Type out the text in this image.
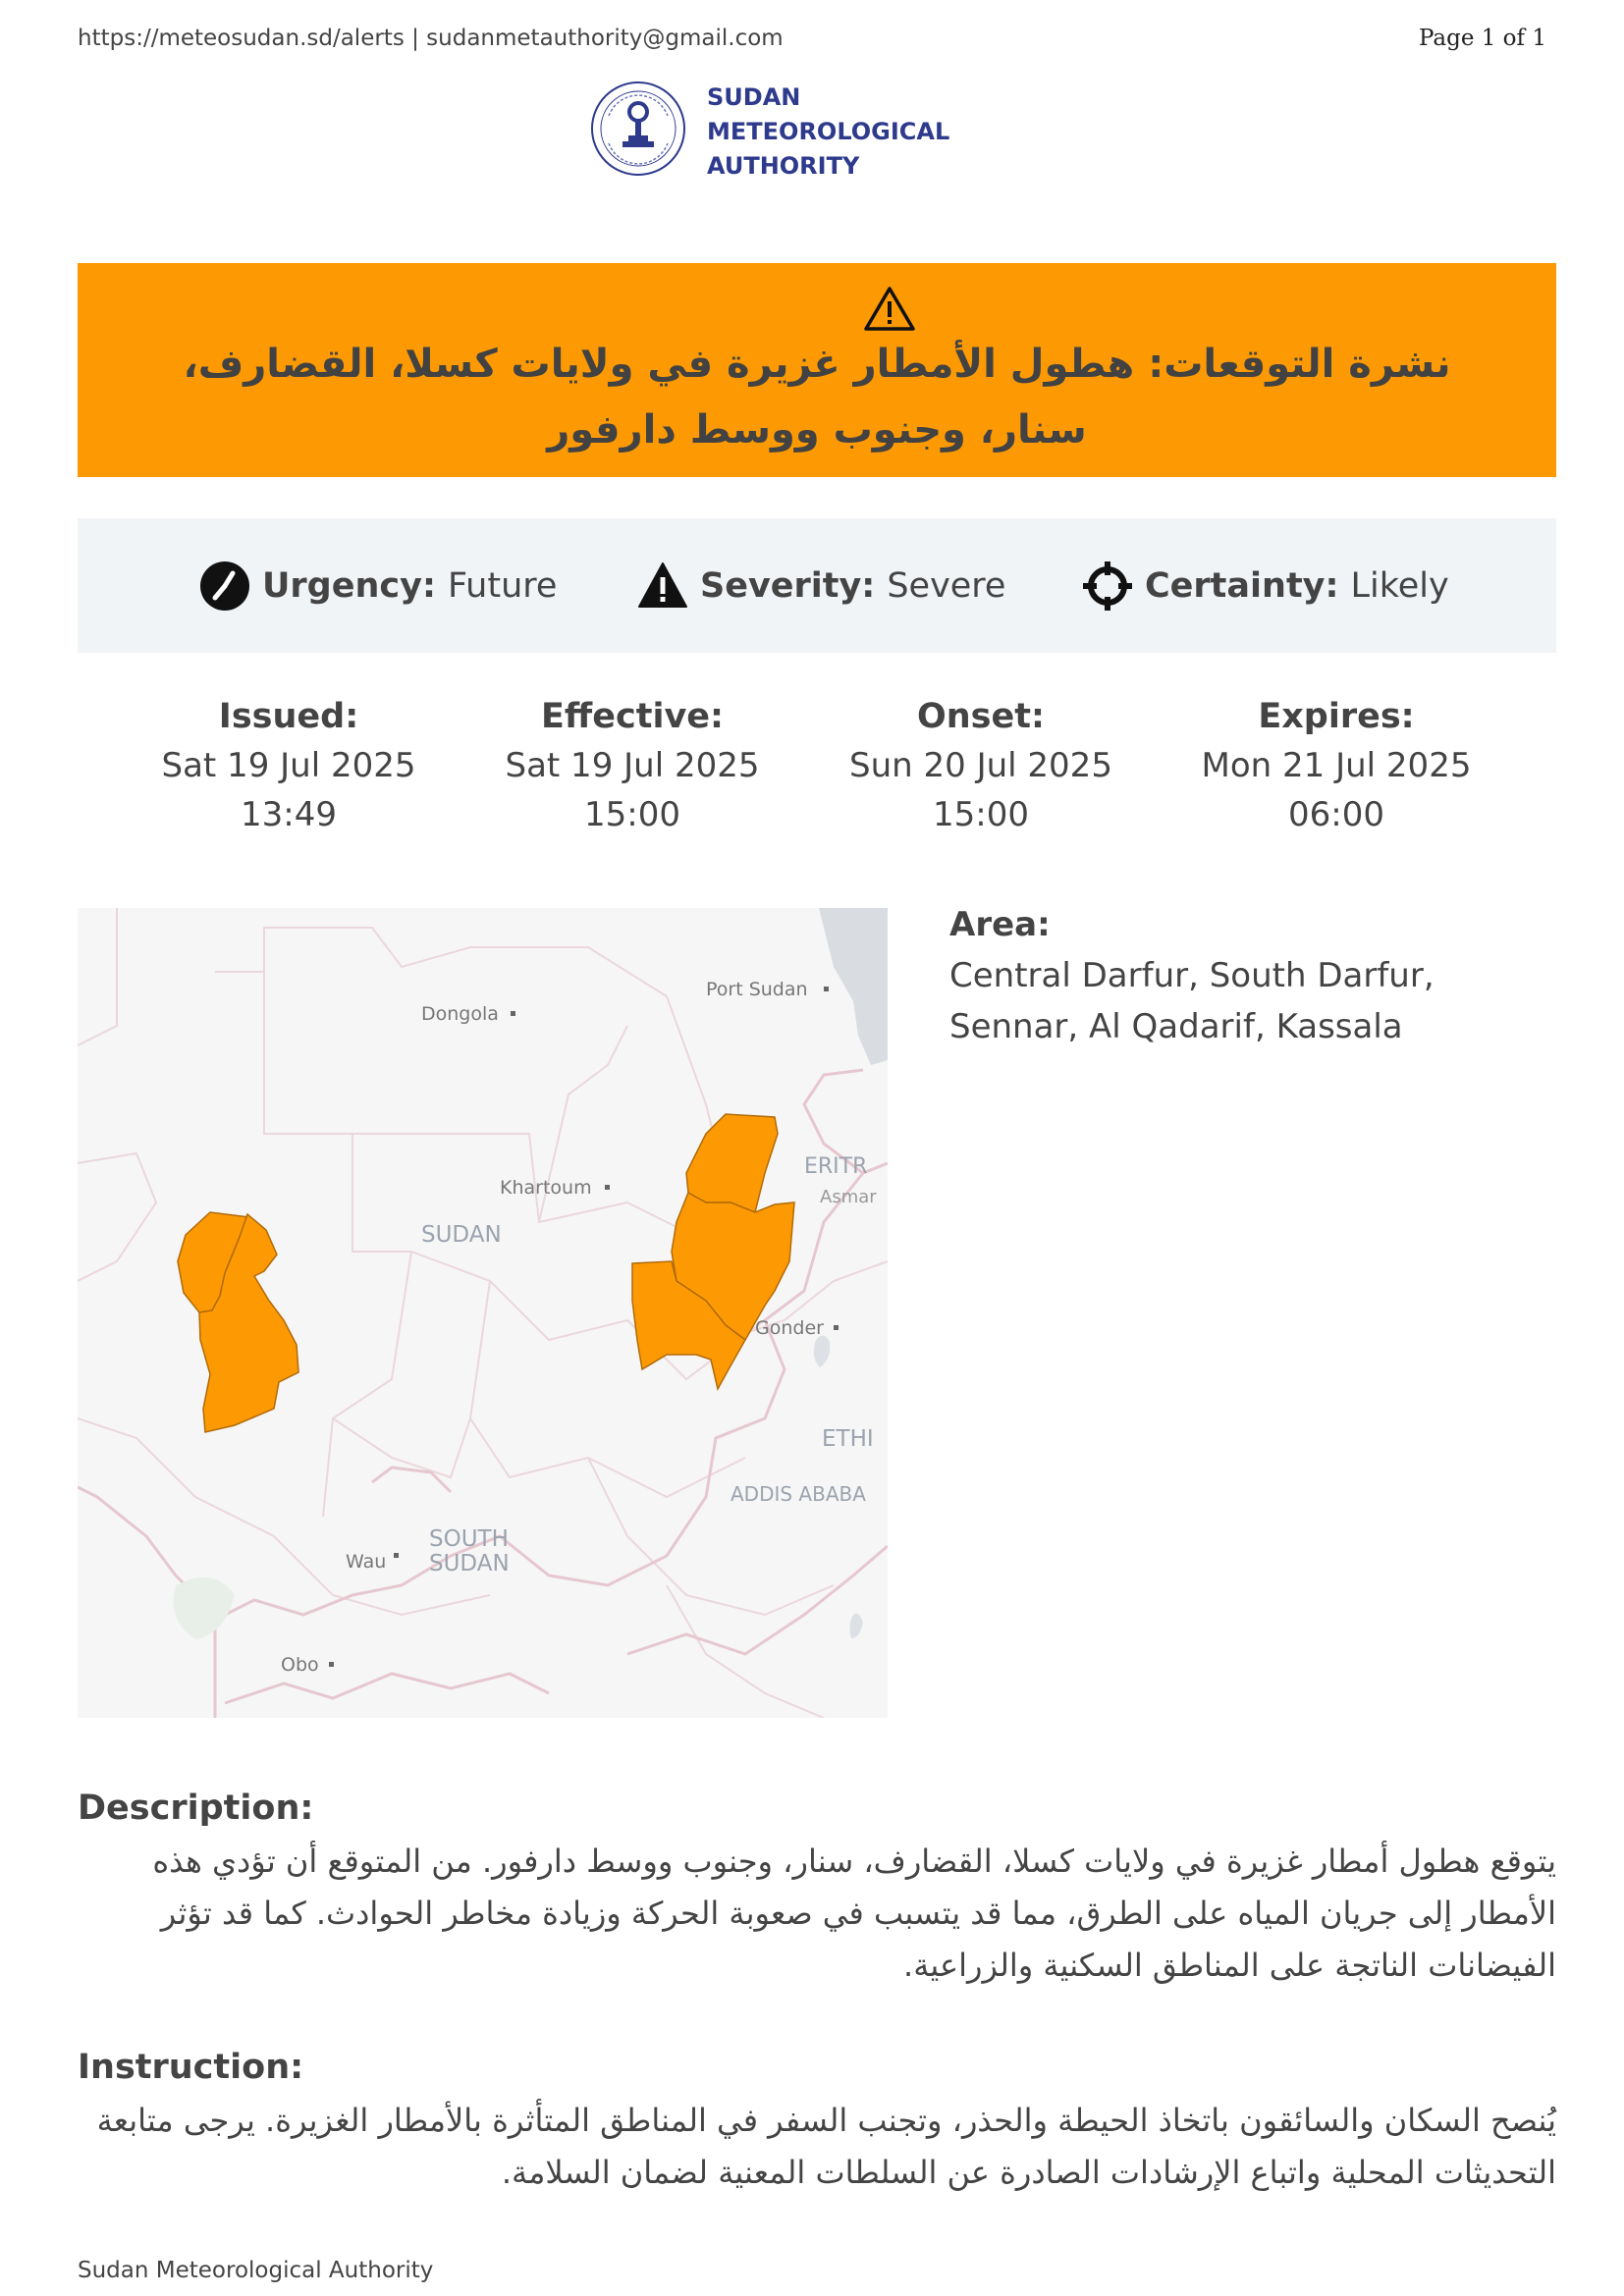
https://meteosudan.sd/alerts | sudanmetauthority@gmail.com	Page 1 of 1
SUDAN
METEOROLOGICAL
AUTHORITY
نشرة التوقعات: هطول الأمطار غزيرة في ولايات كسلا، القضارف، سنار، وجنوب ووسط دارفور
Urgency: Future	Severity: Severe	Certainty: Likely
Issued:
Sat 19 Jul 2025
13:49
Effective:
Sat 19 Jul 2025
15:00
Onset:
Sun 20 Jul 2025
15:00
Expires:
Mon 21 Jul 2025
06:00
Dongola
Port Sudan
Khartoum
SUDAN
ERITR
Asmar
Gonder
ETHI
ADDIS ABABA
SOUTH
SUDAN
Wau
Obo
Area:
Central Darfur, South Darfur, Sennar, Al Qadarif, Kassala
Description:
يتوقع هطول أمطار غزيرة في ولايات كسلا، القضارف، سنار، وجنوب ووسط دارفور. من المتوقع أن تؤدي هذه الأمطار إلى جريان المياه على الطرق، مما قد يتسبب في صعوبة الحركة وزيادة مخاطر الحوادث. كما قد تؤثر الفيضانات الناتجة على المناطق السكنية والزراعية.
Instruction:
يُنصح السكان والسائقون باتخاذ الحيطة والحذر، وتجنب السفر في المناطق المتأثرة بالأمطار الغزيرة. يرجى متابعة التحديثات المحلية واتباع الإرشادات الصادرة عن السلطات المعنية لضمان السلامة.
Sudan Meteorological Authority
